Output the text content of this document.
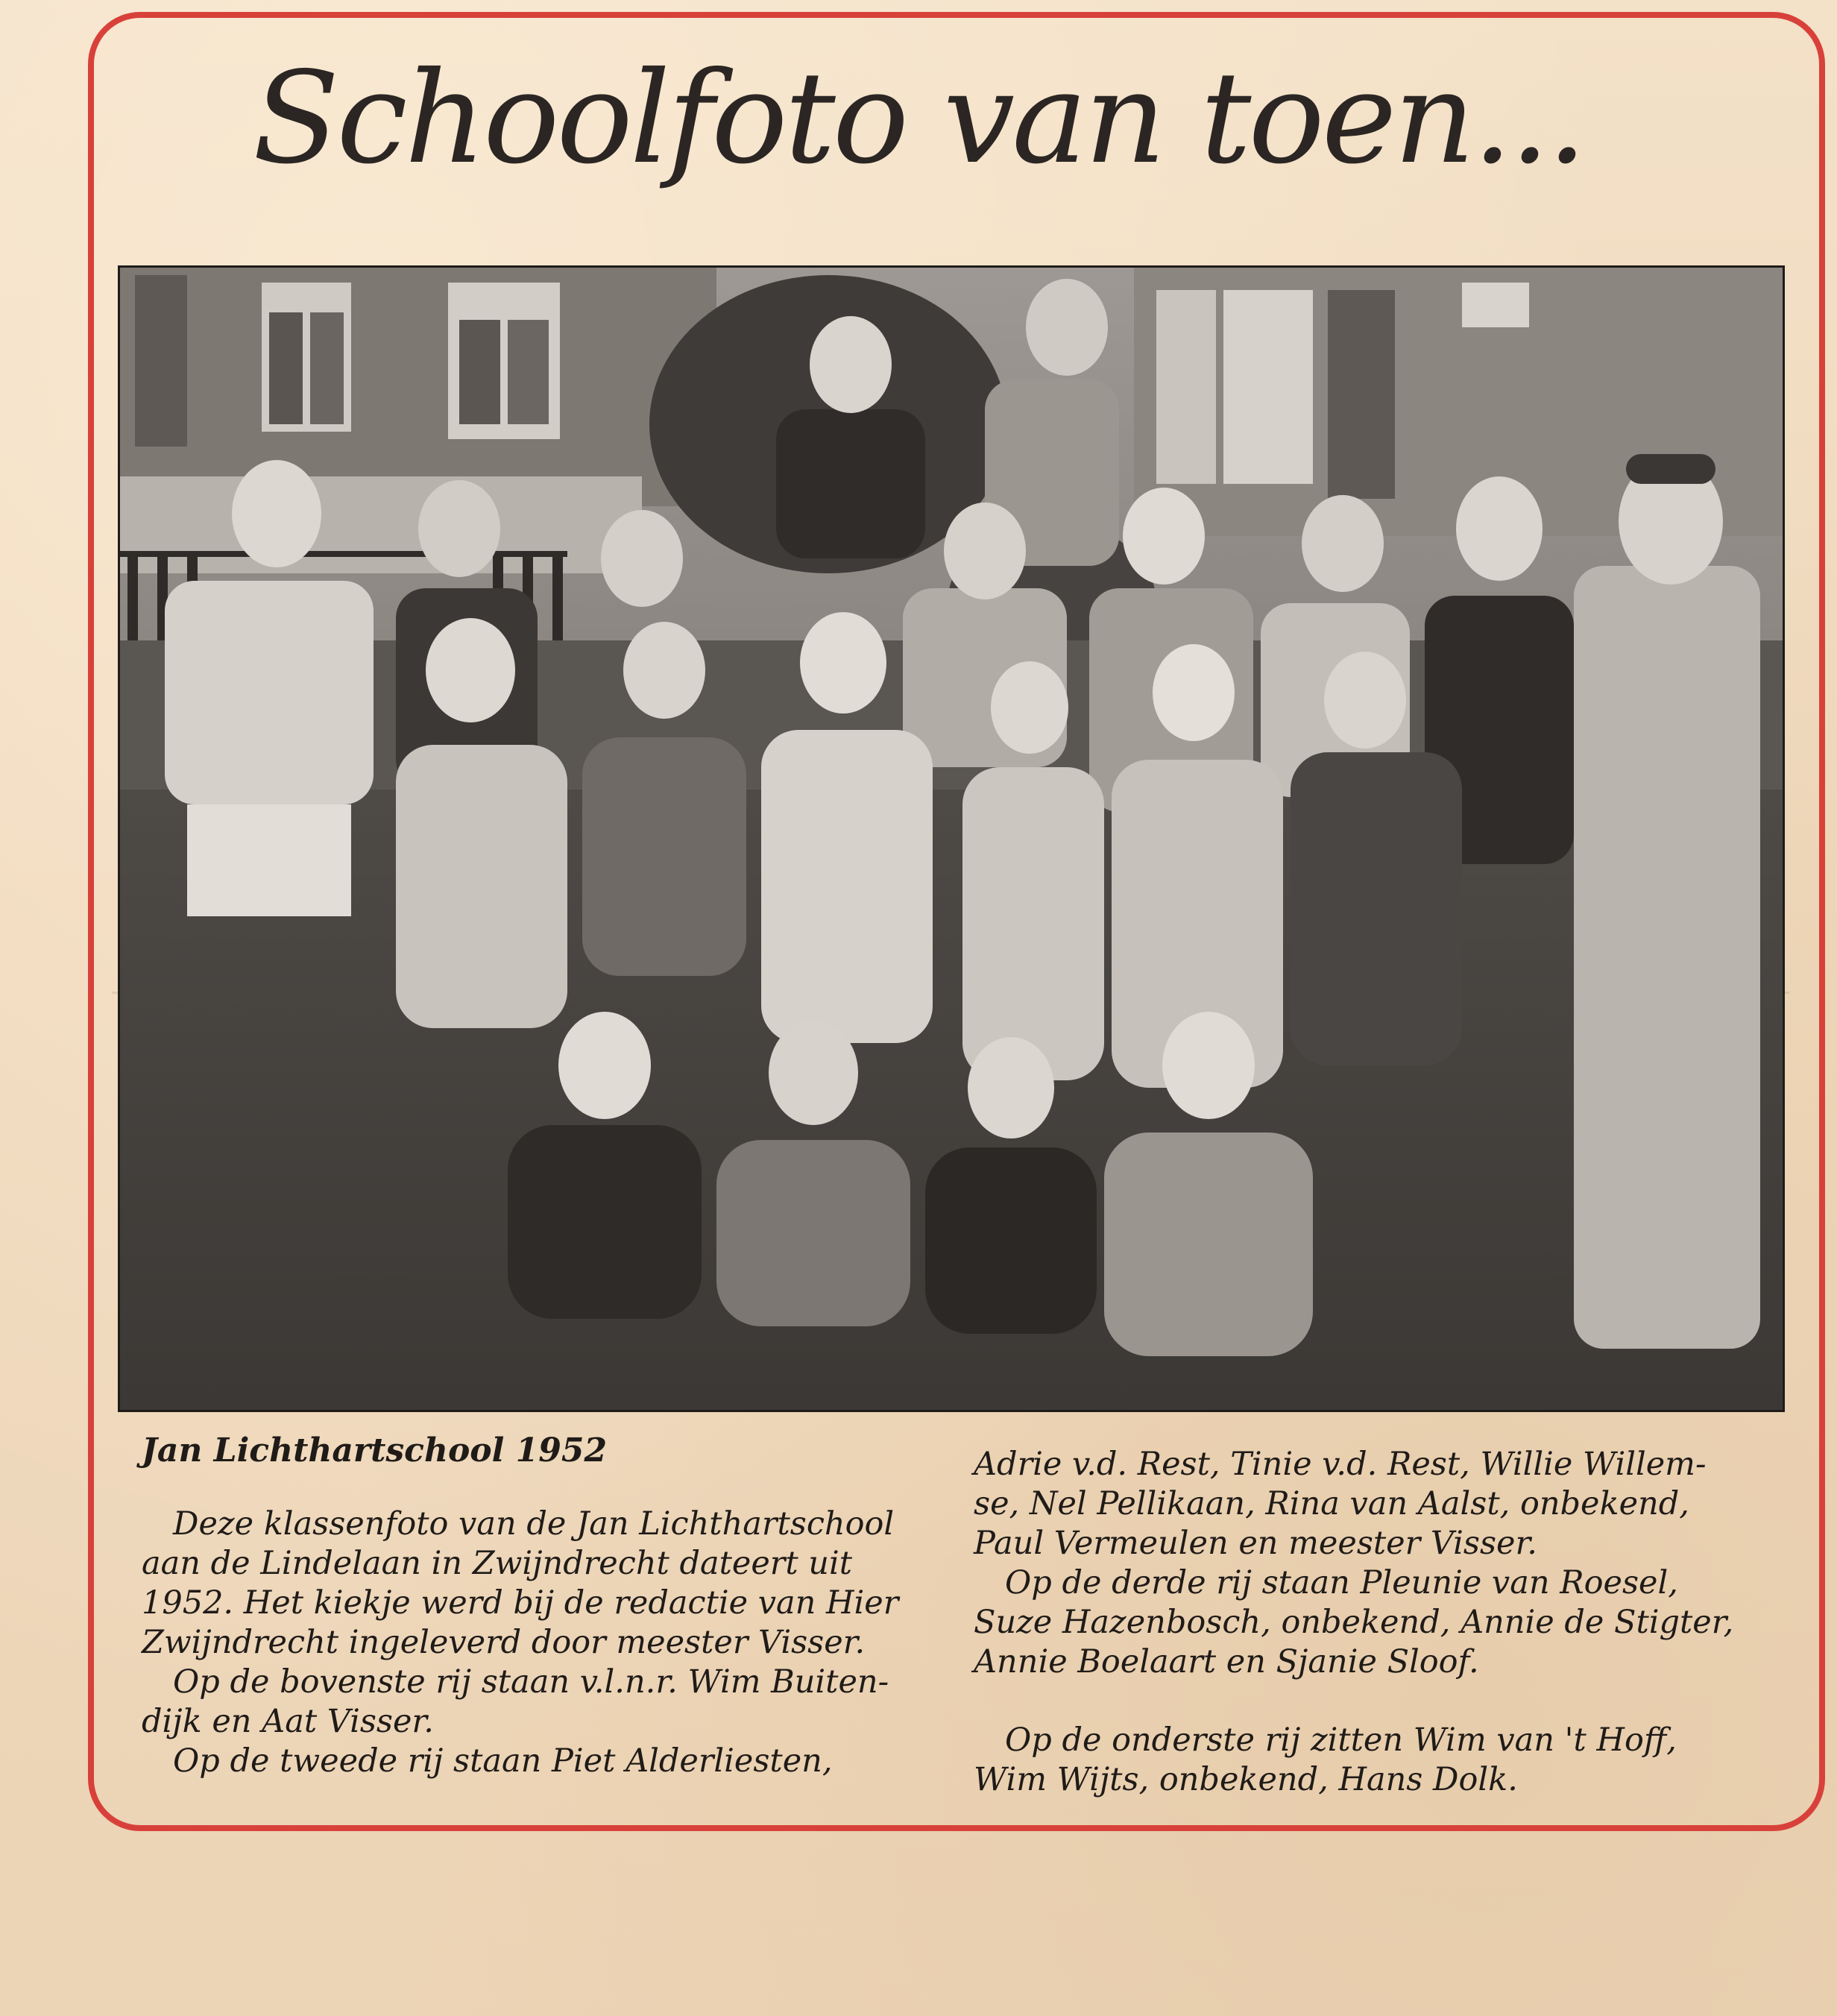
Schoolfoto van toen...
Jan Lichthartschool 1952

Deze klassenfoto van de Jan Lichthartschool

aan de Lindelaan in Zwijndrecht dateert uit

1952. Het kiekje werd bij de redactie van Hier

Zwijndrecht ingeleverd door meester Visser.

Op de bovenste rij staan v.l.n.r. Wim Buiten-

dijk en Aat Visser.

Op de tweede rij staan Piet Alderliesten,

Adrie v.d. Rest, Tinie v.d. Rest, Willie Willem-

se, Nel Pellikaan, Rina van Aalst, onbekend,

Paul Vermeulen en meester Visser.

Op de derde rij staan Pleunie van Roesel,

Suze Hazenbosch, onbekend, Annie de Stigter,

Annie Boelaart en Sjanie Sloof.

Op de onderste rij zitten Wim van 't Hoff,

Wim Wijts, onbekend, Hans Dolk.
